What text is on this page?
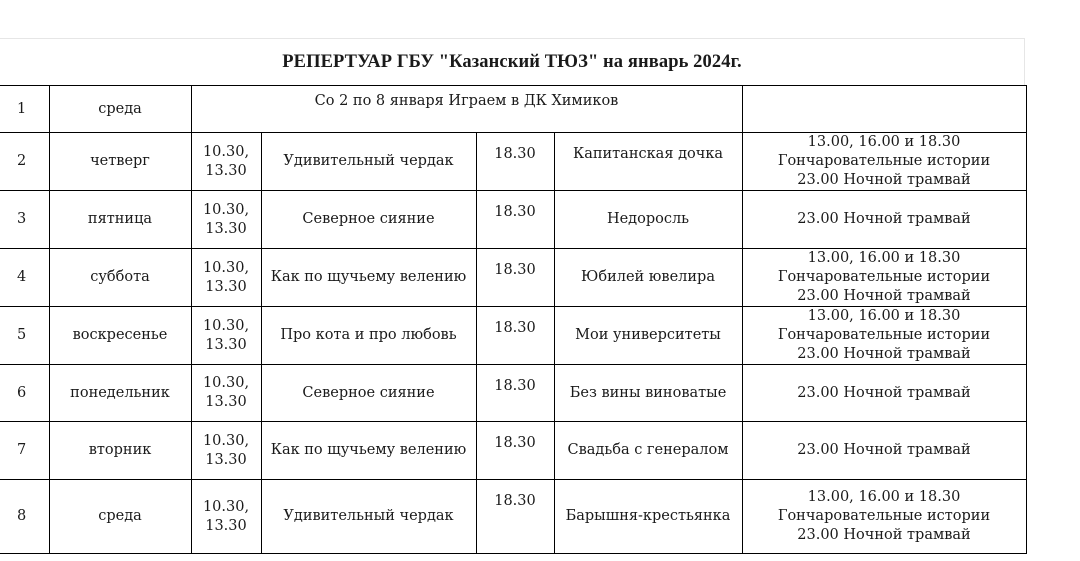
РЕПЕРТУАР ГБУ "Казанский ТЮЗ" на январь 2024г.
1	среда	Со 2 по 8 января Играем в ДК Химиков				
2	четверг	10.30,
13.30	Удивительный чердак	18.30	Капитанская дочка	13.00, 16.00 и 18.30
Гончаровательные истории
23.00 Ночной трамвай

3	пятница	10.30,
13.30	Северное сияние	18.30	Недоросль	23.00 Ночной трамвай

4	суббота	10.30,
13.30	Как по щучьему велению	18.30	Юбилей ювелира	13.00, 16.00 и 18.30
Гончаровательные истории
23.00 Ночной трамвай

5	воскресенье	10.30,
13.30	Про кота и про любовь	18.30	Мои университеты	13.00, 16.00 и 18.30
Гончаровательные истории
23.00 Ночной трамвай

6	понедельник	10.30,
13.30	Северное сияние	18.30	Без вины виноватые	23.00 Ночной трамвай

7	вторник	10.30,
13.30	Как по щучьему велению	18.30	Свадьба с генералом	23.00 Ночной трамвай

8	среда	10.30,
13.30	Удивительный чердак	18.30	Барышня-крестьянка	13.00, 16.00 и 18.30
Гончаровательные истории
23.00 Ночной трамвай
